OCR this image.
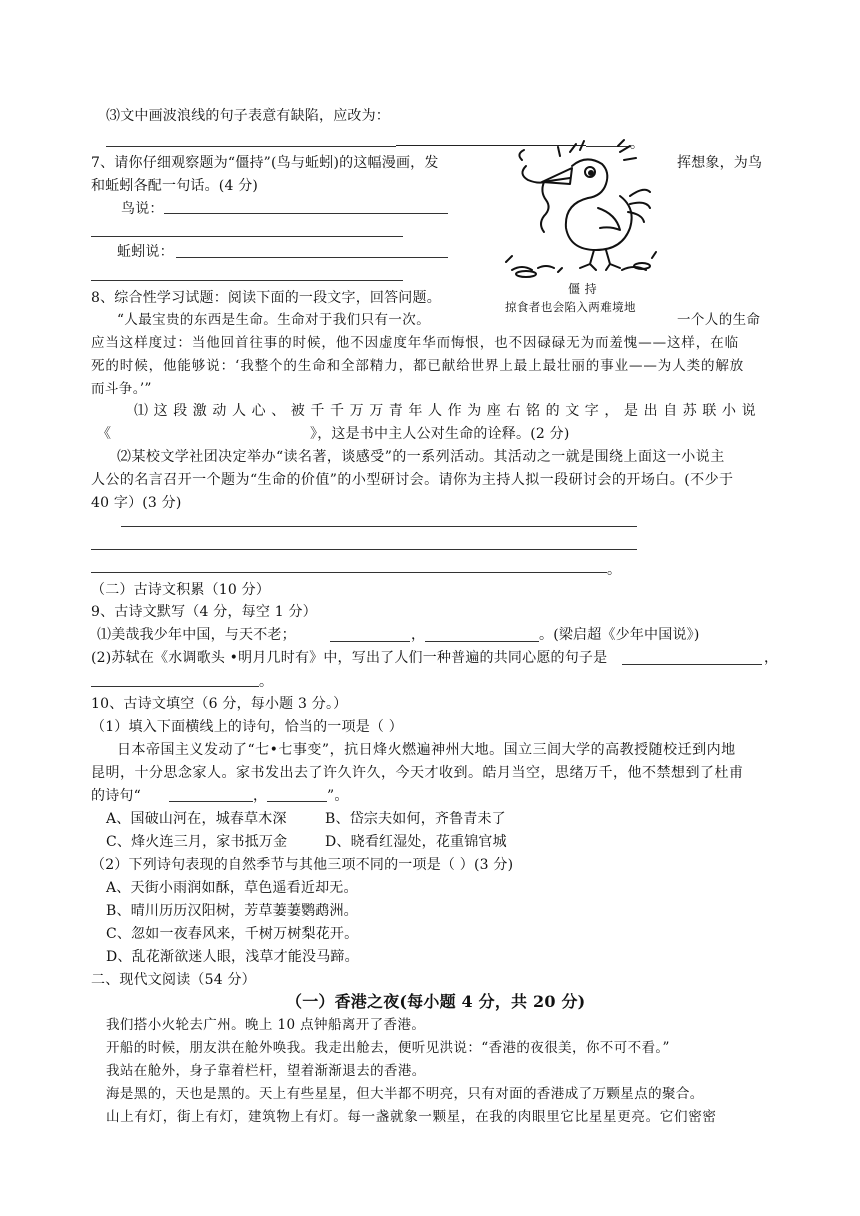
⑶文中画波浪线的句子表意有缺陷，应改为：
。
7、请你仔细观察题为“僵持”(鸟与蚯蚓)的这幅漫画，发	挥想象，为鸟
和蚯蚓各配一句话。(4 分)
鸟说：
蚯蚓说：
僵 持
掠食者也会陷入两难境地
8、综合性学习试题：阅读下面的一段文字，回答问题。
“人最宝贵的东西是生命。生命对于我们只有一次。	一个人的生命
应当这样度过：当他回首往事的时候，他不因虚度年华而悔恨，也不因碌碌无为而羞愧——这样，在临
死的时候，他能够说：‘我整个的生命和全部精力，都已献给世界上最上最壮丽的事业——为人类的解放
而斗争。’”
⑴这段激动人心、被千千万万青年人作为座右铭的文字，是出自苏联小说
《	》，这是书中主人公对生命的诠释。(2 分)
⑵某校文学社团决定举办“读名著，谈感受”的一系列活动。其活动之一就是围绕上面这一小说主
人公的名言召开一个题为“生命的价值”的小型研讨会。请你为主持人拟一段研讨会的开场白。(不少于
40 字）(3 分)
。
（二）古诗文积累（10 分）
9、古诗文默写（4 分，每空 1 分）
⑴美哉我少年中国，与天不老；	，	。(梁启超《少年中国说》)
(2)苏轼在《水调歌头 •明月几时有》中，写出了人们一种普遍的共同心愿的句子是	，
。
10、古诗文填空（6 分，每小题 3 分。）
（1）填入下面横线上的诗句，恰当的一项是（ ）
日本帝国主义发动了“七•七事变”，抗日烽火燃遍神州大地。国立三闾大学的高教授随校迁到内地
昆明，十分思念家人。家书发出去了许久许久，今天才收到。皓月当空，思绪万千，他不禁想到了杜甫
的诗句“	，	”。
A、国破山河在，城春草木深	B、岱宗夫如何，齐鲁青未了
C、烽火连三月，家书抵万金	D、晓看红湿处，花重锦官城
（2）下列诗句表现的自然季节与其他三项不同的一项是（ ）(3 分)
A、天街小雨润如酥，草色遥看近却无。
B、晴川历历汉阳树，芳草萋萋鹦鹉洲。
C、忽如一夜春风来，千树万树梨花开。
D、乱花渐欲迷人眼，浅草才能没马蹄。
二、现代文阅读（54 分）
（一）香港之夜(每小题 4 分，共 20 分)
我们搭小火轮去广州。晚上 10 点钟船离开了香港。
开船的时候，朋友洪在舱外唤我。我走出舱去，便听见洪说：“香港的夜很美，你不可不看。”
我站在舱外，身子靠着栏杆，望着渐渐退去的香港。
海是黑的，天也是黑的。天上有些星星，但大半都不明亮，只有对面的香港成了万颗星点的聚合。
山上有灯，街上有灯，建筑物上有灯。每一盏就象一颗星，在我的肉眼里它比星星更亮。它们密密
